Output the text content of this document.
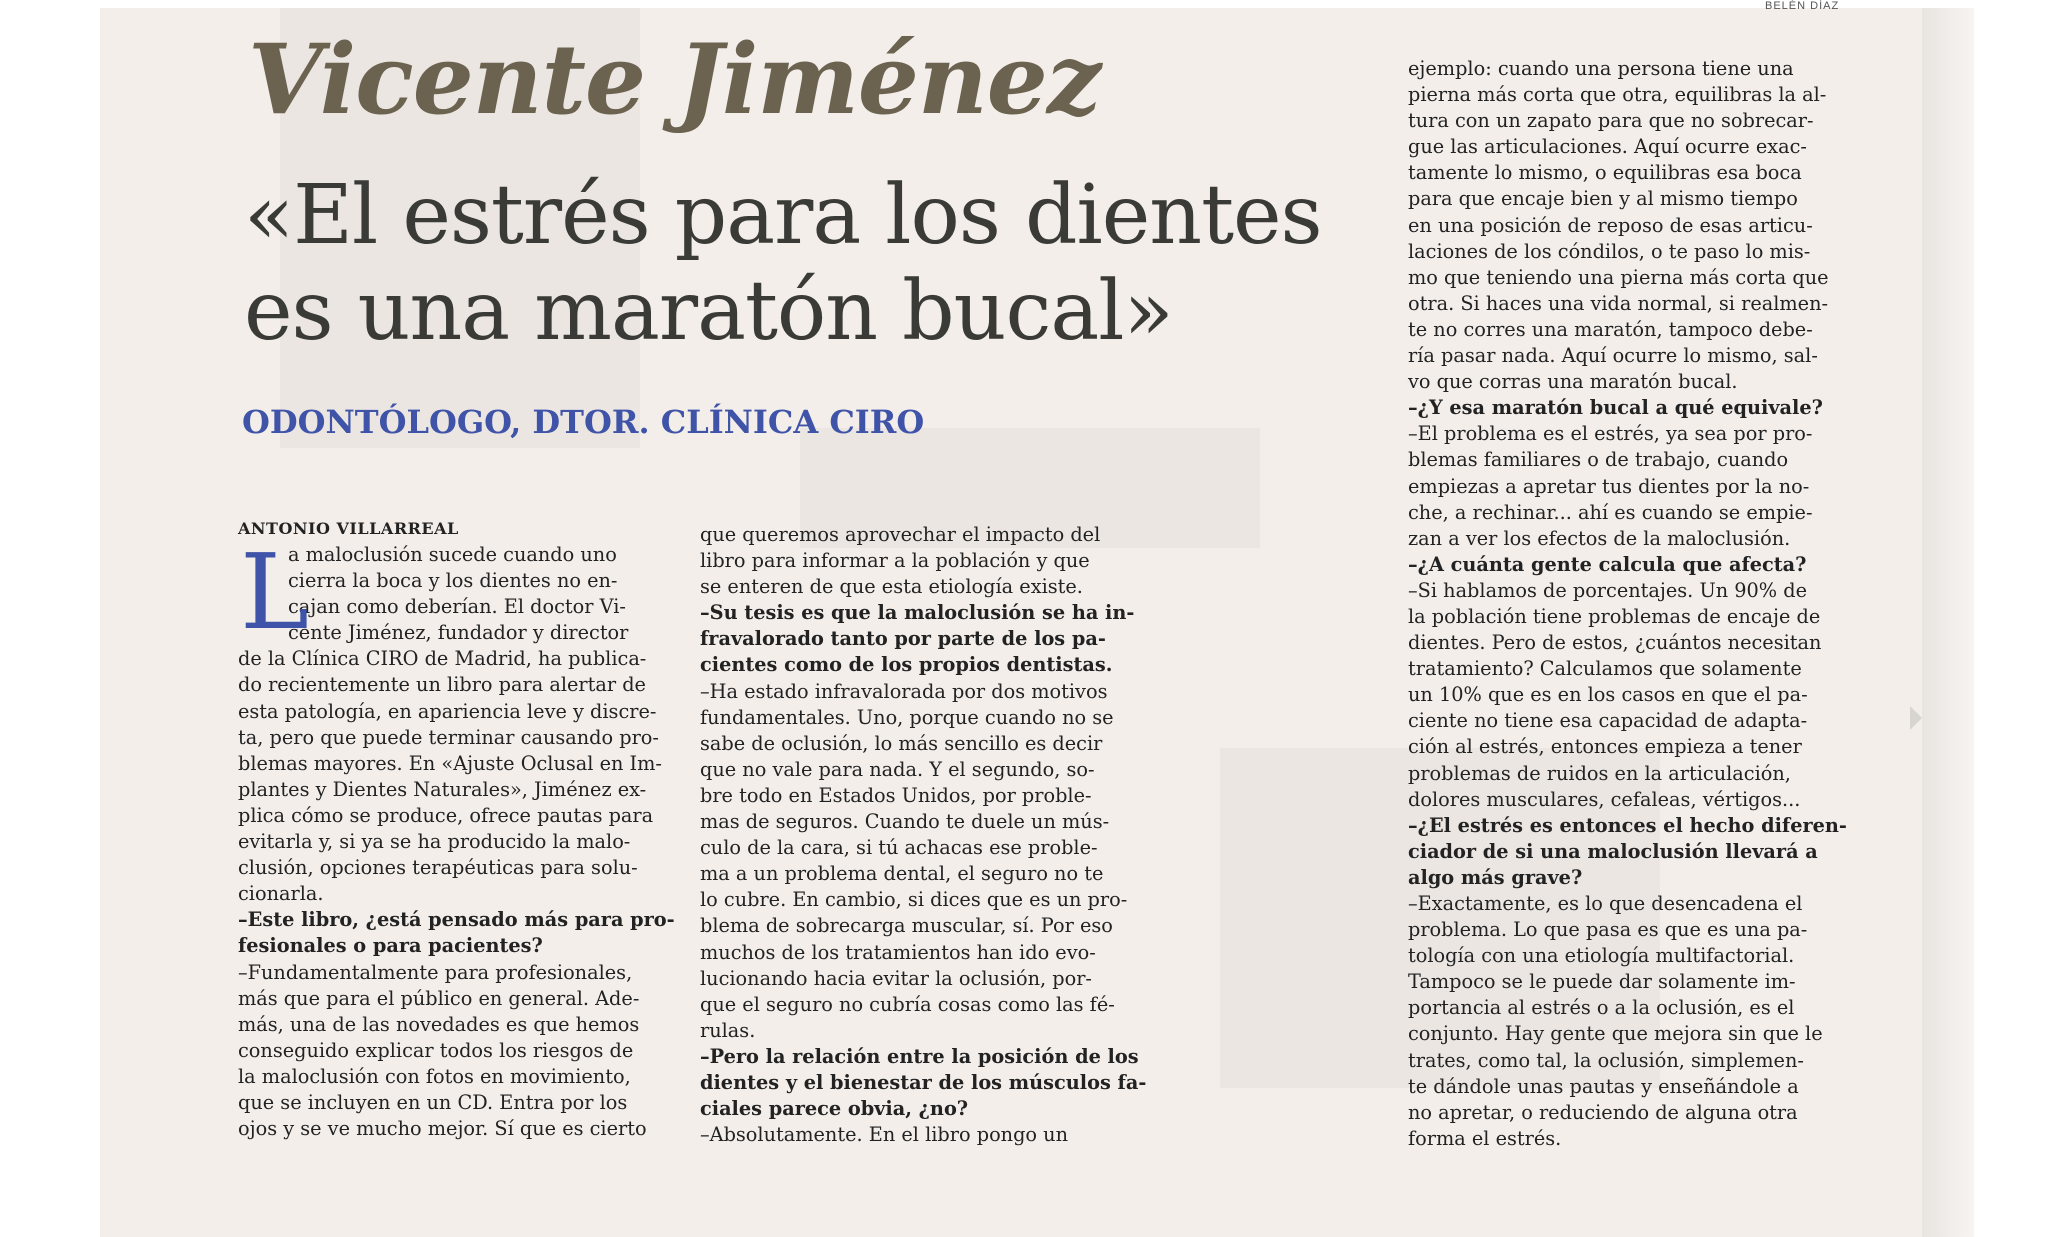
BELÉN DÍAZ
Vicente Jiménez
«El estrés para los dientes
es una maratón bucal»
ODONTÓLOGO, DTOR. CLÍNICA CIRO
ANTONIO VILLARREAL
L
a maloclusión sucede cuando uno
cierra la boca y los dientes no en-
cajan como deberían. El doctor Vi-
cente Jiménez, fundador y director
de la Clínica CIRO de Madrid, ha publica-
do recientemente un libro para alertar de
esta patología, en apariencia leve y discre-
ta, pero que puede terminar causando pro-
blemas mayores. En «Ajuste Oclusal en Im-
plantes y Dientes Naturales», Jiménez ex-
plica cómo se produce, ofrece pautas para
evitarla y, si ya se ha producido la malo-
clusión, opciones terapéuticas para solu-
cionarla.
–Este libro, ¿está pensado más para pro-
fesionales o para pacientes?
–Fundamentalmente para profesionales,
más que para el público en general. Ade-
más, una de las novedades es que hemos
conseguido explicar todos los riesgos de
la maloclusión con fotos en movimiento,
que se incluyen en un CD. Entra por los
ojos y se ve mucho mejor. Sí que es cierto
que queremos aprovechar el impacto del
libro para informar a la población y que
se enteren de que esta etiología existe.
–Su tesis es que la maloclusión se ha in-
fravalorado tanto por parte de los pa-
cientes como de los propios dentistas.
–Ha estado infravalorada por dos motivos
fundamentales. Uno, porque cuando no se
sabe de oclusión, lo más sencillo es decir
que no vale para nada. Y el segundo, so-
bre todo en Estados Unidos, por proble-
mas de seguros. Cuando te duele un mús-
culo de la cara, si tú achacas ese proble-
ma a un problema dental, el seguro no te
lo cubre. En cambio, si dices que es un pro-
blema de sobrecarga muscular, sí. Por eso
muchos de los tratamientos han ido evo-
lucionando hacia evitar la oclusión, por-
que el seguro no cubría cosas como las fé-
rulas.
–Pero la relación entre la posición de los
dientes y el bienestar de los músculos fa-
ciales parece obvia, ¿no?
–Absolutamente. En el libro pongo un
ejemplo: cuando una persona tiene una
pierna más corta que otra, equilibras la al-
tura con un zapato para que no sobrecar-
gue las articulaciones. Aquí ocurre exac-
tamente lo mismo, o equilibras esa boca
para que encaje bien y al mismo tiempo
en una posición de reposo de esas articu-
laciones de los cóndilos, o te paso lo mis-
mo que teniendo una pierna más corta que
otra. Si haces una vida normal, si realmen-
te no corres una maratón, tampoco debe-
ría pasar nada. Aquí ocurre lo mismo, sal-
vo que corras una maratón bucal.
–¿Y esa maratón bucal a qué equivale?
–El problema es el estrés, ya sea por pro-
blemas familiares o de trabajo, cuando
empiezas a apretar tus dientes por la no-
che, a rechinar... ahí es cuando se empie-
zan a ver los efectos de la maloclusión.
–¿A cuánta gente calcula que afecta?
–Si hablamos de porcentajes. Un 90% de
la población tiene problemas de encaje de
dientes. Pero de estos, ¿cuántos necesitan
tratamiento? Calculamos que solamente
un 10% que es en los casos en que el pa-
ciente no tiene esa capacidad de adapta-
ción al estrés, entonces empieza a tener
problemas de ruidos en la articulación,
dolores musculares, cefaleas, vértigos...
–¿El estrés es entonces el hecho diferen-
ciador de si una maloclusión llevará a
algo más grave?
–Exactamente, es lo que desencadena el
problema. Lo que pasa es que es una pa-
tología con una etiología multifactorial.
Tampoco se le puede dar solamente im-
portancia al estrés o a la oclusión, es el
conjunto. Hay gente que mejora sin que le
trates, como tal, la oclusión, simplemen-
te dándole unas pautas y enseñándole a
no apretar, o reduciendo de alguna otra
forma el estrés.
